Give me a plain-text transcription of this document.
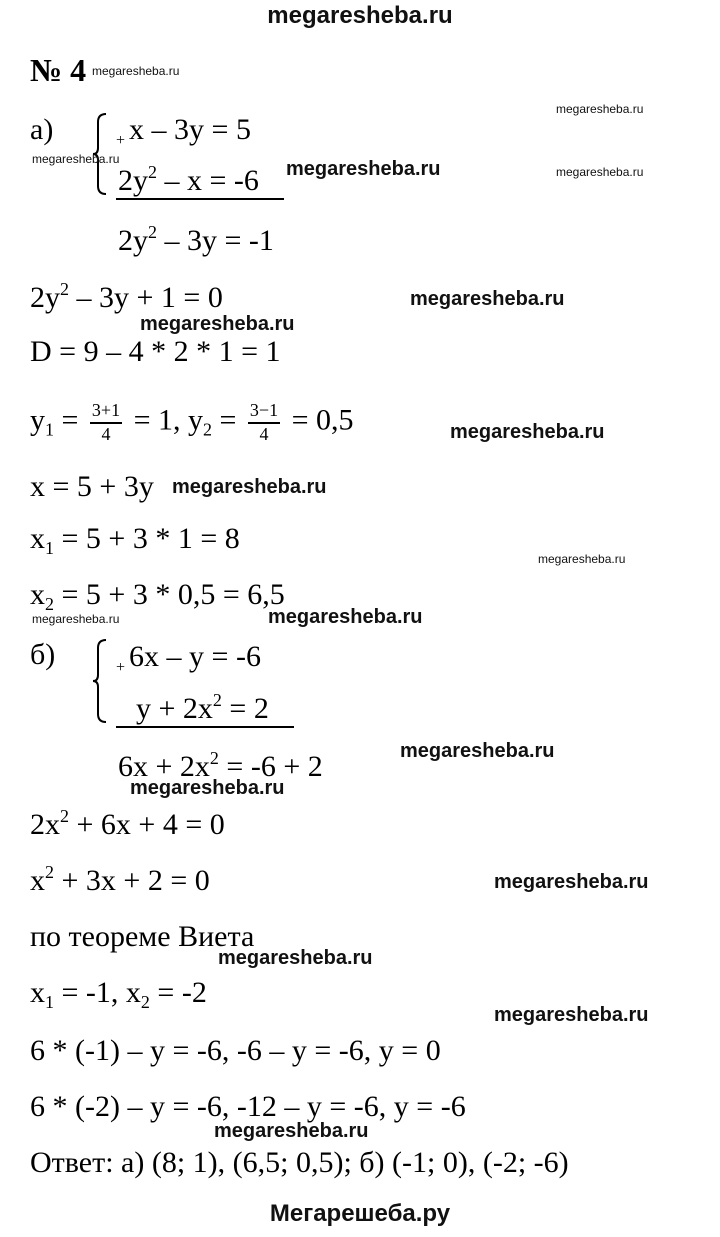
megaresheba.ru
№ 4 megaresheba.ru
а)	$_+$ x – 3y = 5
megaresheba.ru
megaresheba.ru
$2y^2 - x = -6$ megaresheba.ru	megaresheba.ru
$2y^2 - 3y = -1$
$2y^2 - 3y + 1 = 0$	megaresheba.ru
megaresheba.ru
D = 9 – 4 * 2 * 1 = 1
$y_1 = \frac{3+1}{4} = 1$, $y_2 = \frac{3-1}{4} = 0,5$	megaresheba.ru
x = 5 + 3y megaresheba.ru
$x_1 = 5 + 3 * 1 = 8$
megaresheba.ru
$x_2 = 5 + 3 * 0,5 = 6,5$
megaresheba.ru	megaresheba.ru
б)	$_+$ 6x – y = -6
$y + 2x^2 = 2$
$6x + 2x^2 = -6 + 2$	megaresheba.ru
megaresheba.ru
$2x^2 + 6x + 4 = 0$
$x^2 + 3x + 2 = 0$	megaresheba.ru
по теореме Виета
megaresheba.ru
$x_1 = -1$, $x_2 = -2$
megaresheba.ru
6 * (-1) – y = -6, -6 – y = -6, y = 0
6 * (-2) – y = -6, -12 – y = -6, y = -6
megaresheba.ru
Ответ: а) (8; 1), (6,5; 0,5); б) (-1; 0), (-2; -6)
Мегарешеба.ру
